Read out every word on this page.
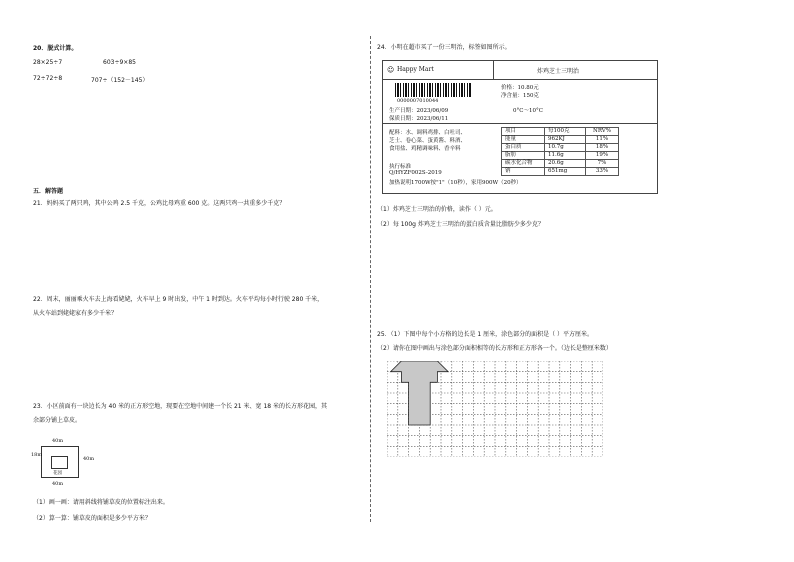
20．脱式计算。
28×25÷7	603÷9×85
72÷72÷8	707÷（152－145）
五．解答题
21．妈妈买了两只鸡，其中公鸡 2.5 千克，公鸡比母鸡重 600 克。这两只鸡一共重多少千克？
22．周末，丽丽乘火车去上海看姥姥，火车早上 9 时出发，中午 1 时到达。火车平均每小时行驶 280 千米，
从火车站到姥姥家有多少千米？
23．小区前面有一块边长为 40 米的正方形空地，现要在空地中间建一个长 21 米、宽 18 米的长方形花园，其
余部分铺上草皮。
40m
18m
40m
花园
40m
（1）画一画：请用斜线将铺草皮的位置标注出来。
（2）算一算：铺草皮的面积是多少平方米？
24．小明在超市买了一份三明治，标签如图所示。
☺ Happy Mart	炸鸡芝士三明治
0000007010044
价格：10.80元
净含量：150克
生产日期：2023/06/09	0°C～10°C
保质日期：2023/06/11
配料：水、调料鸡排、白吐司、
芝士、卷心菜、蛋黄酱、料酒、
食用盐、鸡精调味料、香辛料
执行标准
Q/HYZF002S-2019
加热说明1700W按"1"（10秒），家用900W（20秒）
项目	每100克	NRV%
能量	962KJ	11%
蛋白质	10.7g	18%
脂肪	11.6g	19%
碳水化合物	20.6g	7%
钠	651mg	33%
（1）炸鸡芝士三明治的价格，读作（ ）元。
（2）每 100g 炸鸡芝士三明治的蛋白质含量比脂肪少多少克？
25．（1）下图中每个小方格的边长是 1 厘米，涂色部分的面积是（ ）平方厘米。
（2）请你在图中画出与涂色部分面积相等的长方形和正方形各一个。（边长是整厘米数）
